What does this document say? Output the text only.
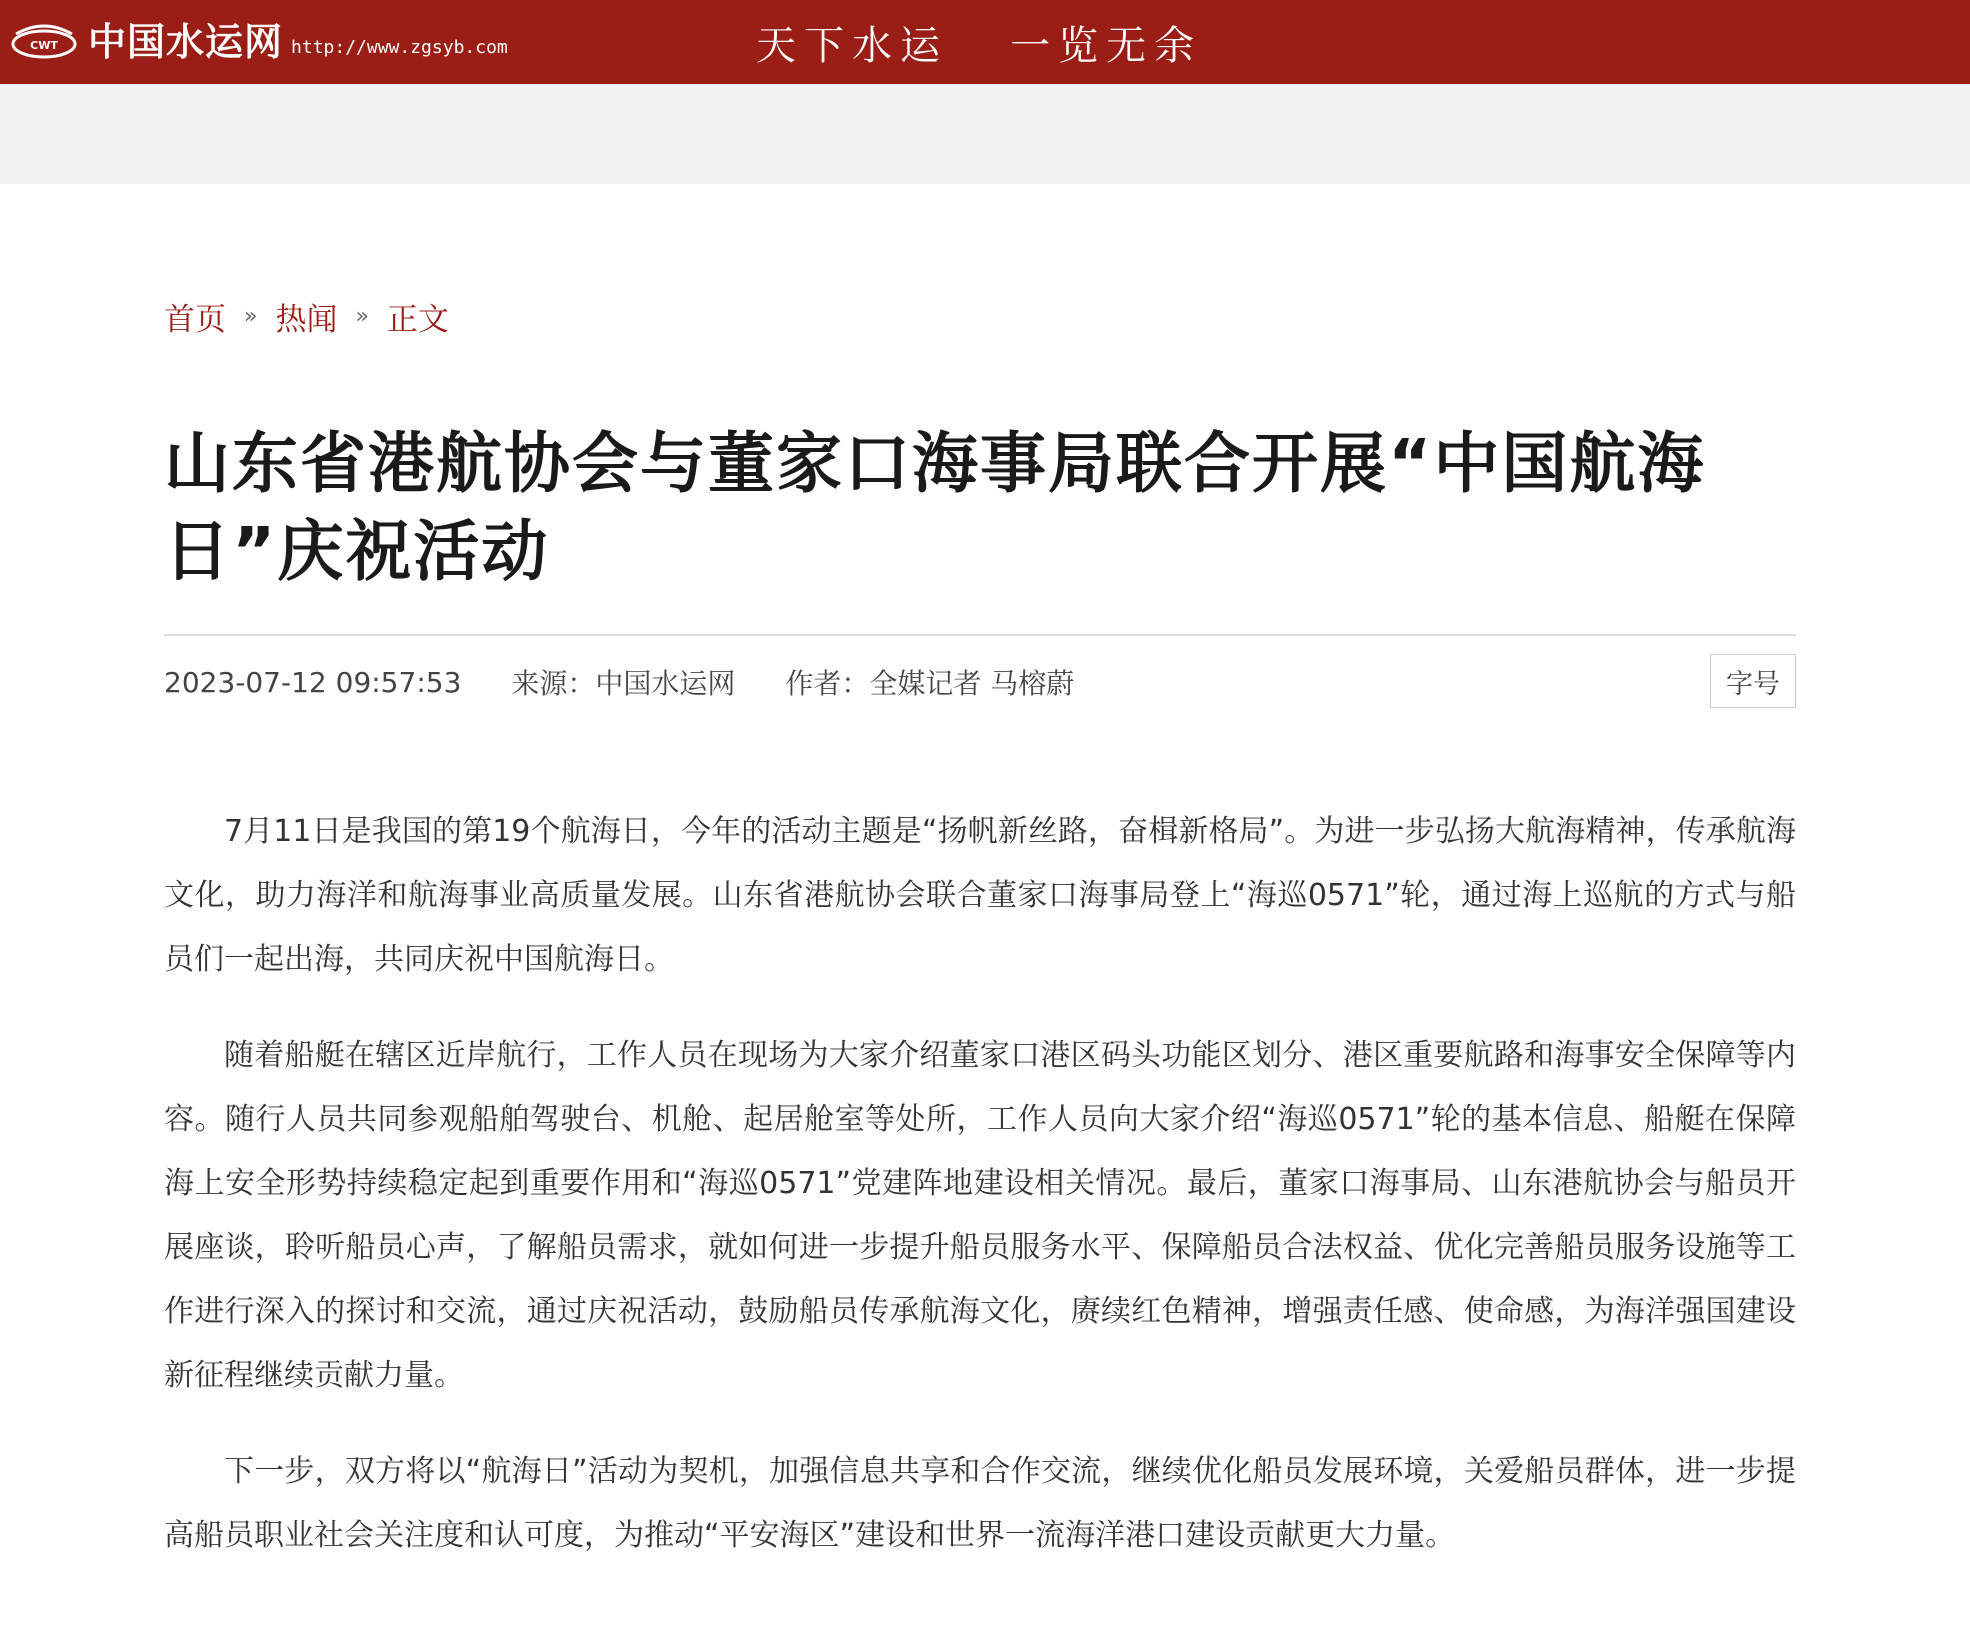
CWT 中国水运网 http://www.zgsyb.com	天下水运   一览无余
首页 » 热闻 » 正文
山东省港航协会与董家口海事局联合开展“中国航海日”庆祝活动
2023-07-12 09:57:53 来源：中国水运网 作者：全媒记者 马榕蔚	字号

7月11日是我国的第19个航海日，今年的活动主题是“扬帆新丝路，奋楫新格局”。为进一步弘扬大航海精神，传承航海文化，助力海洋和航海事业高质量发展。山东省港航协会联合董家口海事局登上“海巡0571”轮，通过海上巡航的方式与船员们一起出海，共同庆祝中国航海日。

随着船艇在辖区近岸航行，工作人员在现场为大家介绍董家口港区码头功能区划分、港区重要航路和海事安全保障等内容。随行人员共同参观船舶驾驶台、机舱、起居舱室等处所，工作人员向大家介绍“海巡0571”轮的基本信息、船艇在保障海上安全形势持续稳定起到重要作用和“海巡0571”党建阵地建设相关情况。最后，董家口海事局、山东港航协会与船员开展座谈，聆听船员心声，了解船员需求，就如何进一步提升船员服务水平、保障船员合法权益、优化完善船员服务设施等工作进行深入的探讨和交流，通过庆祝活动，鼓励船员传承航海文化，赓续红色精神，增强责任感、使命感，为海洋强国建设新征程继续贡献力量。

下一步，双方将以“航海日”活动为契机，加强信息共享和合作交流，继续优化船员发展环境，关爱船员群体，进一步提高船员职业社会关注度和认可度，为推动“平安海区”建设和世界一流海洋港口建设贡献更大力量。
